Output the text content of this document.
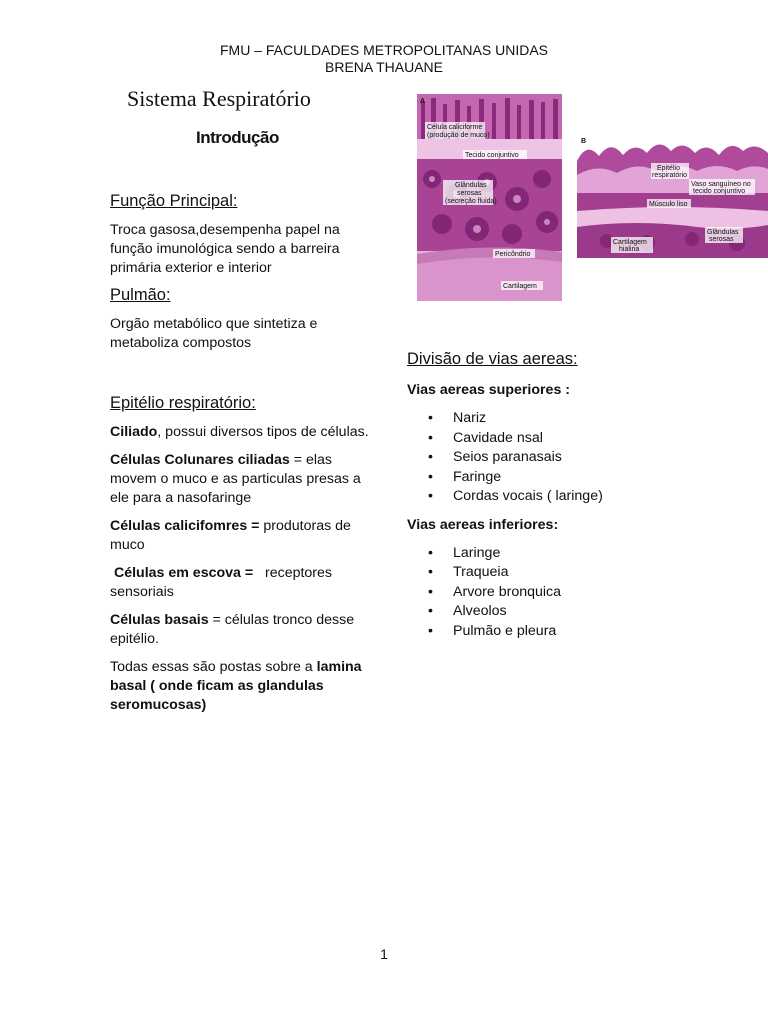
FMU – FACULDADES METROPOLITANAS UNIDAS
BRENA THAUANE
Sistema Respiratório
Introdução
Função Principal:

Troca gasosa,desempenha papel na função imunológica sendo a barreira primária exterior e interior

Pulmão:

Orgão metabólico que sintetiza e metaboliza compostos

Epitélio respiratório:

Ciliado, possui diversos tipos de células.

Células Colunares ciliadas = elas movem o muco e as particulas presas a ele para a nasofaringe

Células calicifomres = produtoras de muco

Células em escova =   receptores sensoriais

Células basais = células tronco desse epitélio.

Todas essas são postas sobre a lamina basal ( onde ficam as glandulas seromucosas)

A
Célula caliciforme
(produção de muco)
Tecido conjuntivo
Glândulas
serosas
(secreção fluida)
Pericôndrio
Cartilagem
B
Epitélio
respiratório
Vaso sanguíneo no
tecido conjuntivo
Músculo liso
Cartilagem
hialina
Glândulas
serosas
Divisão de vias aereas:

Vias aereas superiores :

• Nariz
• Cavidade nsal
• Seios paranasais
• Faringe
• Cordas vocais ( laringe)

Vias aereas inferiores:

• Laringe
• Traqueia
• Arvore bronquica
• Alveolos
• Pulmão e pleura
1
